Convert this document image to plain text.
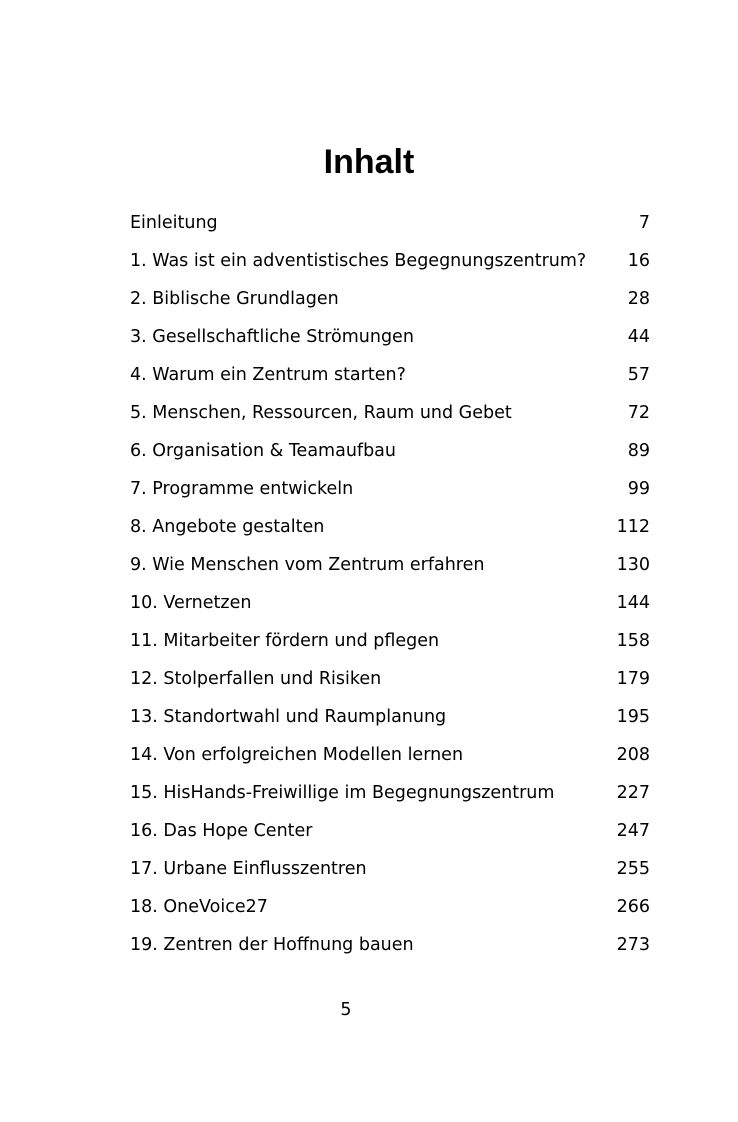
Inhalt
Einleitung	7
1. Was ist ein adventistisches Begegnungszentrum? 16
2. Biblische Grundlagen	28
3. Gesellschaftliche Strömungen	44
4. Warum ein Zentrum starten?	57
5. Menschen, Ressourcen, Raum und Gebet	72
6. Organisation & Teamaufbau	89
7. Programme entwickeln	99
8. Angebote gestalten	112
9. Wie Menschen vom Zentrum erfahren	130
10. Vernetzen	144
11. Mitarbeiter fördern und pflegen	158
12. Stolperfallen und Risiken	179
13. Standortwahl und Raumplanung	195
14. Von erfolgreichen Modellen lernen	208
15. HisHands-Freiwillige im Begegnungszentrum	227
16. Das Hope Center	247
17. Urbane Einflusszentren	255
18. OneVoice27	266
19. Zentren der Hoffnung bauen	273
5
